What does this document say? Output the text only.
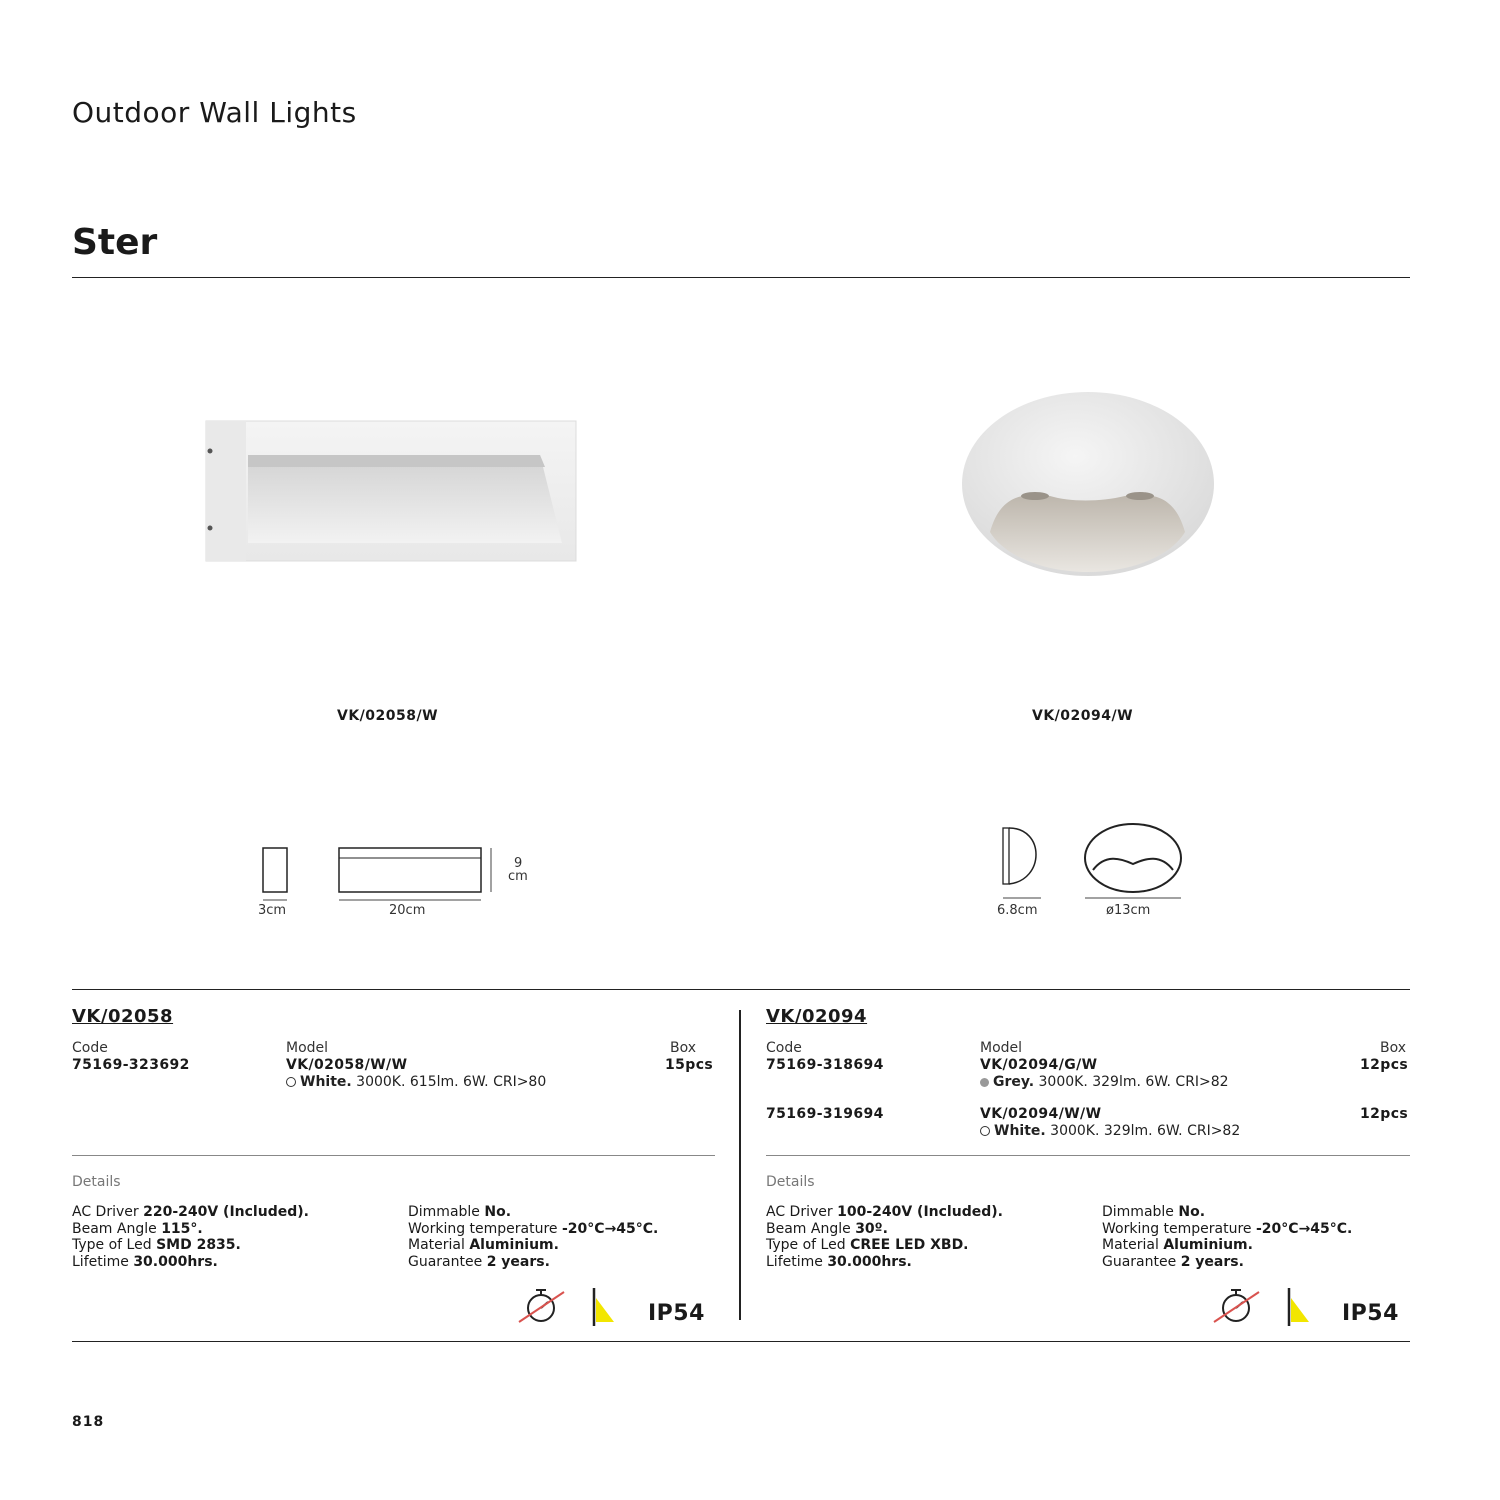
Outdoor Wall Lights
Ster
VK/02058/W	VK/02094/W
3cm	20cm
9
cm
6.8cm	ø13cm
VK/02058
Code	Model	Box
75169-323692	VK/02058/W/W	15pcs
White. 3000K. 615lm. 6W. CRI>80
Details
AC Driver 220-240V (Included).
Beam Angle 115°.
Type of Led SMD 2835.
Lifetime 30.000hrs.
Dimmable No.
Working temperature -20°C→45°C.
Material Aluminium.
Guarantee 2 years.
IP54
VK/02094
Code	Model	Box
75169-318694	VK/02094/G/W	12pcs
Grey. 3000K. 329lm. 6W. CRI>82
75169-319694	VK/02094/W/W	12pcs
White. 3000K. 329lm. 6W. CRI>82
Details
AC Driver 100-240V (Included).
Beam Angle 30º.
Type of Led CREE LED XBD.
Lifetime 30.000hrs.
Dimmable No.
Working temperature -20°C→45°C.
Material Aluminium.
Guarantee 2 years.
IP54
818
